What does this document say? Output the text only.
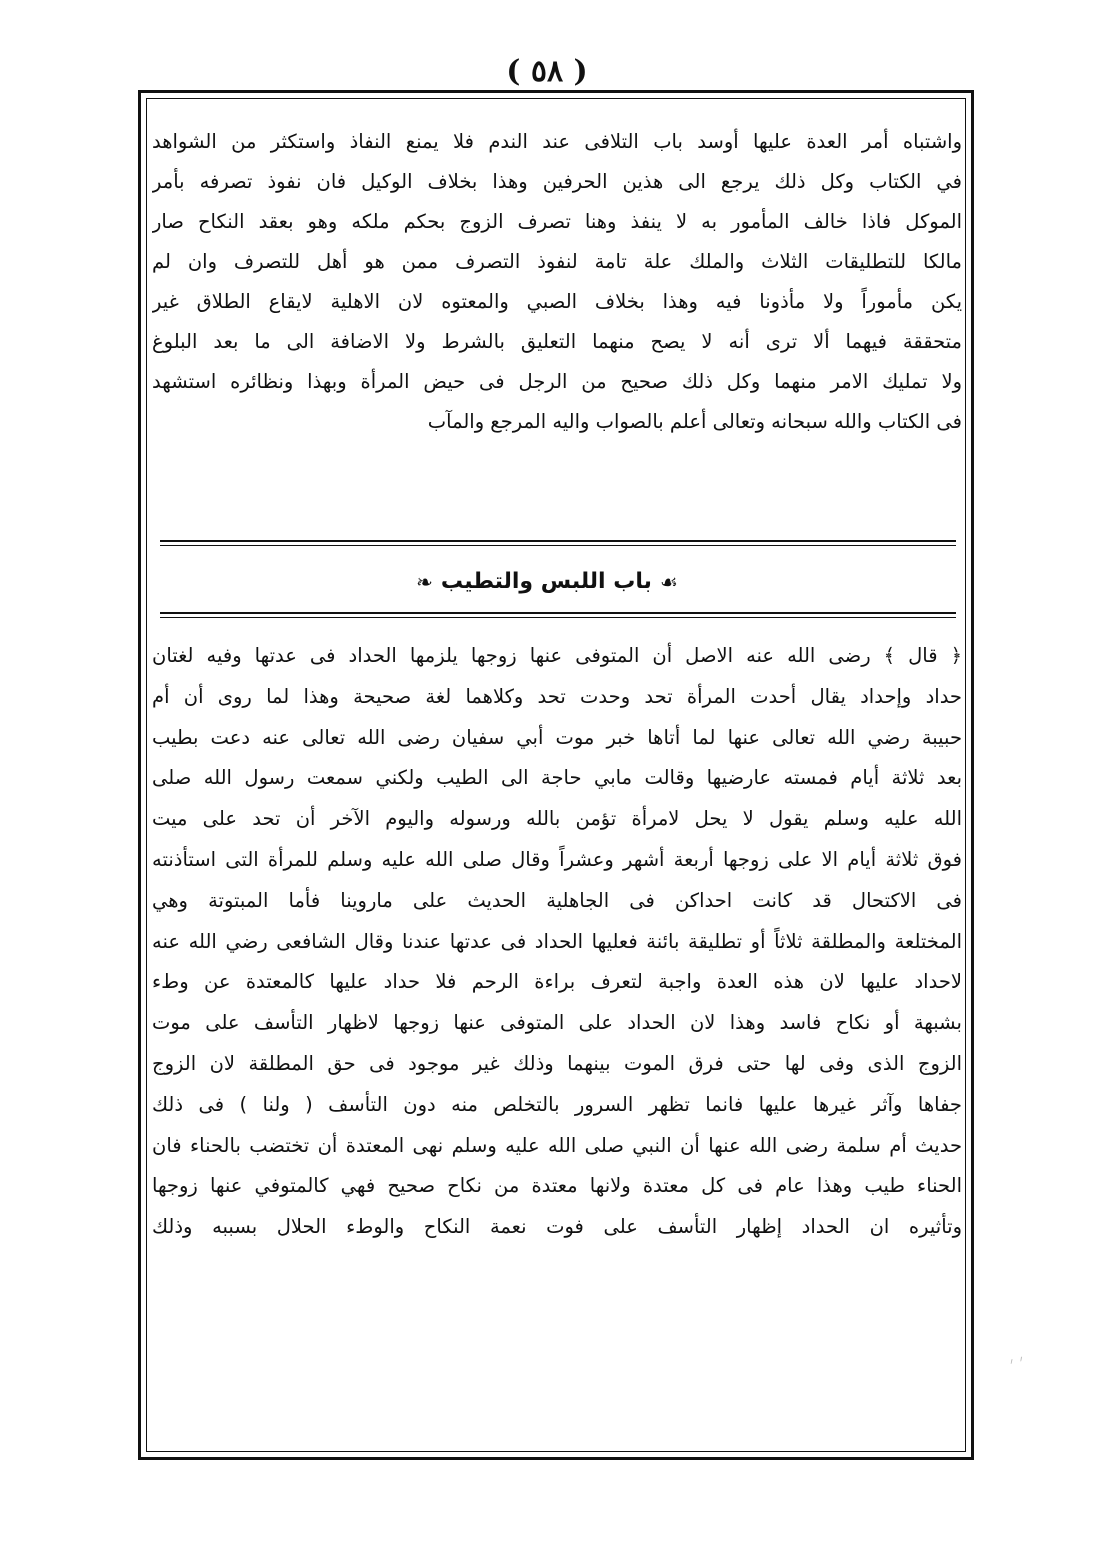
( ٥٨ )
واشتباه أمر العدة عليها أوسد باب التلافى عند الندم فلا يمنع النفاذ واستكثر من الشواهد
في الكتاب وكل ذلك يرجع الى هذين الحرفين وهذا بخلاف الوكيل فان نفوذ تصرفه بأمر
الموكل فاذا خالف المأمور به لا ينفذ وهنا تصرف الزوج بحكم ملكه وهو بعقد النكاح صار
مالكا للتطليقات الثلاث والملك علة تامة لنفوذ التصرف ممن هو أهل للتصرف وان لم
يكن مأموراً ولا مأذونا فيه وهذا بخلاف الصبي والمعتوه لان الاهلية لايقاع الطلاق غير
متحققة فيهما ألا ترى أنه لا يصح منهما التعليق بالشرط ولا الاضافة الى ما بعد البلوغ
ولا تمليك الامر منهما وكل ذلك صحيح من الرجل فى حيض المرأة وبهذا ونظائره استشهد
فى الكتاب والله سبحانه وتعالى أعلم بالصواب واليه المرجع والمآب
☙باب اللبس والتطيب❧
﴿ قال ﴾ رضى الله عنه الاصل أن المتوفى عنها زوجها يلزمها الحداد فى عدتها وفيه لغتان
حداد وإحداد يقال أحدت المرأة تحد وحدت تحد وكلاهما لغة صحيحة وهذا لما روى أن أم
حبيبة رضي الله تعالى عنها لما أتاها خبر موت أبي سفيان رضى الله تعالى عنه دعت بطيب
بعد ثلاثة أيام فمسته عارضيها وقالت مابي حاجة الى الطيب ولكني سمعت رسول الله صلى
الله عليه وسلم يقول لا يحل لامرأة تؤمن بالله ورسوله واليوم الآخر أن تحد على ميت
فوق ثلاثة أيام الا على زوجها أربعة أشهر وعشراً وقال صلى الله عليه وسلم للمرأة التى استأذنته
فى الاكتحال قد كانت احداكن فى الجاهلية الحديث على ماروينا فأما المبتوتة وهي
المختلعة والمطلقة ثلاثاً أو تطليقة بائنة فعليها الحداد فى عدتها عندنا وقال الشافعى رضي الله عنه
لاحداد عليها لان هذه العدة واجبة لتعرف براءة الرحم فلا حداد عليها كالمعتدة عن وطء
بشبهة أو نكاح فاسد وهذا لان الحداد على المتوفى عنها زوجها لاظهار التأسف على موت
الزوج الذى وفى لها حتى فرق الموت بينهما وذلك غير موجود فى حق المطلقة لان الزوج
جفاها وآثر غيرها عليها فانما تظهر السرور بالتخلص منه دون التأسف ( ولنا ) فى ذلك
حديث أم سلمة رضى الله عنها أن النبي صلى الله عليه وسلم نهى المعتدة أن تختضب بالحناء فان
الحناء طيب وهذا عام فى كل معتدة ولانها معتدة من نكاح صحيح فهي كالمتوفي عنها زوجها
وتأثيره ان الحداد إظهار التأسف على فوت نعمة النكاح والوطء الحلال بسببه وذلك
׳ ׳
